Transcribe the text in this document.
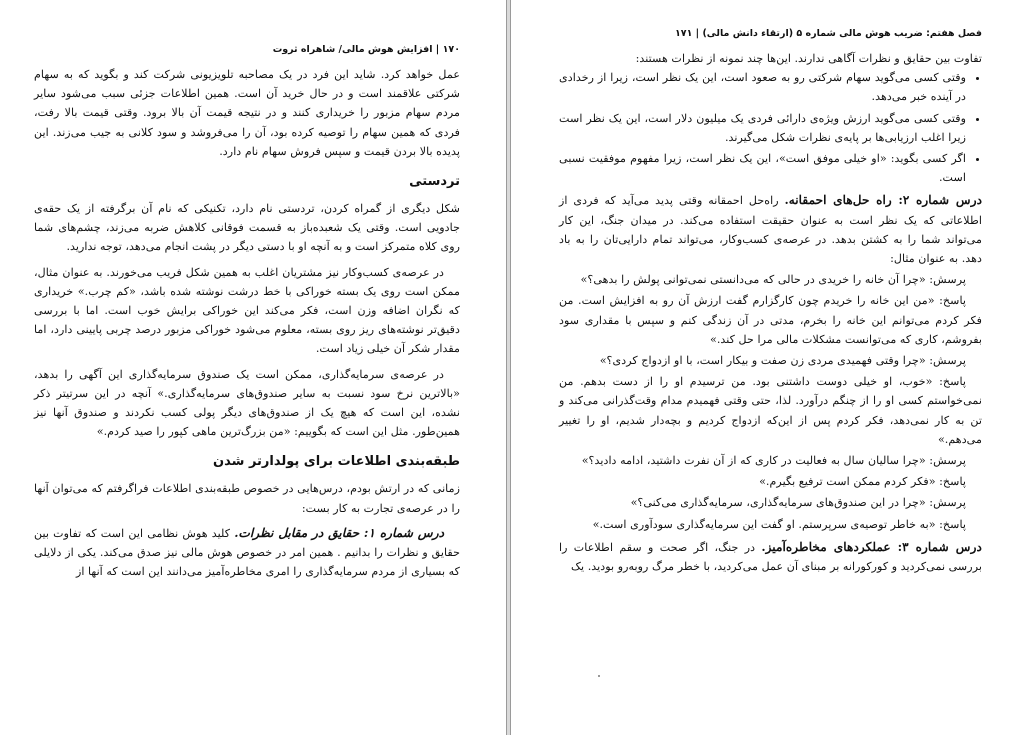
۱۷۰ | افزایش هوش مالی/ شاهراه ثروت

عمل خواهد کرد. شاید این فرد در یک مصاحبه تلویزیونی شرکت کند و بگوید که به سهام شرکتی علاقمند است و در حال خرید آن است. همین اطلاعات جزئی سبب می‌شود سایر مردم سهام مزبور را خریداری کنند و در نتیجه قیمت آن بالا برود. وقتی قیمت بالا رفت، فردی که همین سهام را توصیه کرده بود، آن را می‌فروشد و سود کلانی به جیب می‌زند. این پدیده بالا بردن قیمت و سپس فروش سهام نام دارد.

تردستی

شکل دیگری از گمراه کردن، تردستی نام دارد، تکنیکی که نام آن برگرفته از یک حقه‌ی جادویی است. وقتی یک شعبده‌باز به قسمت فوقانی کلاهش ضربه می‌زند، چشم‌های شما روی کلاه متمرکز است و به آنچه او با دستی دیگر در پشت انجام می‌دهد، توجه ندارید.

در عرصه‌ی کسب‌وکار نیز مشتریان اغلب به همین شکل فریب می‌خورند. به عنوان مثال، ممکن است روی یک بسته خوراکی با خط درشت نوشته شده باشد، «کم چرب.» خریداری که نگران اضافه وزن است، فکر می‌کند این خوراکی برایش خوب است. اما با بررسی دقیق‌تر نوشته‌های ریز روی بسته، معلوم می‌شود خوراکی مزبور درصد چربی پایینی دارد، اما مقدار شکر آن خیلی زیاد است.

در عرصه‌ی سرمایه‌گذاری، ممکن است یک صندوق سرمایه‌گذاری این آگهی را بدهد، «بالاترین نرخ سود نسبت به سایر صندوق‌های سرمایه‌گذاری.» آنچه در این سرتیتر ذکر نشده، این است که هیچ یک از صندوق‌های دیگر پولی کسب نکردند و صندوق آنها نیز همین‌طور. مثل این است که بگوییم: «من بزرگ‌ترین ماهی کپور را صید کردم.»

طبقه‌بندی اطلاعات برای پولدارتر شدن

زمانی که در ارتش بودم، درس‌هایی در خصوص طبقه‌بندی اطلاعات فراگرفتم که می‌توان آنها را در عرصه‌ی تجارت به کار بست:

درس شماره ۱: حقایق در مقابل نظرات. کلید هوش نظامی این است که تفاوت بین حقایق و نظرات را بدانیم . همین امر در خصوص هوش مالی نیز صدق می‌کند. یکی از دلایلی که بسیاری از مردم سرمایه‌گذاری را امری مخاطره‌آمیز می‌دانند این است که آنها از

فصل هفتم: ضریب هوش مالی شماره ۵ (ارتقاء دانش مالی) | ۱۷۱

تفاوت بین حقایق و نظرات آگاهی ندارند. این‌ها چند نمونه از نظرات هستند:

• وقتی کسی می‌گوید سهام شرکتی رو به صعود است، این یک نظر است، زیرا از رخدادی در آینده خبر می‌دهد.
• وقتی کسی می‌گوید ارزش ویژه‌ی دارائی فردی یک میلیون دلار است، این یک نظر است زیرا اغلب ارزیابی‌ها بر پایه‌ی نظرات شکل می‌گیرند.
• اگر کسی بگوید: «او خیلی موفق است»، این یک نظر است، زیرا مفهوم موفقیت نسبی است.

درس شماره ۲: راه حل‌های احمقانه. راه‌حل احمقانه وقتی پدید می‌آید که فردی از اطلاعاتی که یک نظر است به عنوان حقیقت استفاده می‌کند. در میدان جنگ، این کار می‌تواند شما را به کشتن بدهد. در عرصه‌ی کسب‌وکار، می‌تواند تمام دارایی‌تان را به باد دهد. به عنوان مثال:

پرسش: «چرا آن خانه را خریدی در حالی که می‌دانستی نمی‌توانی پولش را بدهی؟»

پاسخ: «من این خانه را خریدم چون کارگزارم گفت ارزش آن رو به افزایش است. من فکر کردم می‌توانم این خانه را بخرم، مدتی در آن زندگی کنم و سپس با مقداری سود بفروشم، کاری که می‌توانست مشکلات مالی مرا حل کند.»

پرسش: «چرا وقتی فهمیدی مردی زن صفت و بیکار است، با او ازدواج کردی؟»

پاسخ: «خوب، او خیلی دوست داشتنی بود. من ترسیدم او را از دست بدهم. من نمی‌خواستم کسی او را از چنگم درآورد. لذا، حتی وقتی فهمیدم مدام وقت‌گذرانی می‌کند و تن به کار نمی‌دهد، فکر کردم پس از این‌که ازدواج کردیم و بچه‌دار شدیم، او را تغییر می‌دهم.»

پرسش: «چرا سالیان سال به فعالیت در کاری که از آن نفرت داشتید، ادامه دادید؟»

پاسخ: «فکر کردم ممکن است ترفیع بگیرم.»

پرسش: «چرا در این صندوق‌های سرمایه‌گذاری، سرمایه‌گذاری می‌کنی؟»

پاسخ: «به خاطر توصیه‌ی سرپرستم. او گفت این سرمایه‌گذاری سودآوری است.»

درس شماره ۳: عملکردهای مخاطره‌آمیز. در جنگ، اگر صحت و سقم اطلاعات را بررسی نمی‌کردید و کورکورانه بر مبنای آن عمل می‌کردید، با خطر مرگ روبه‌رو بودید. یک
